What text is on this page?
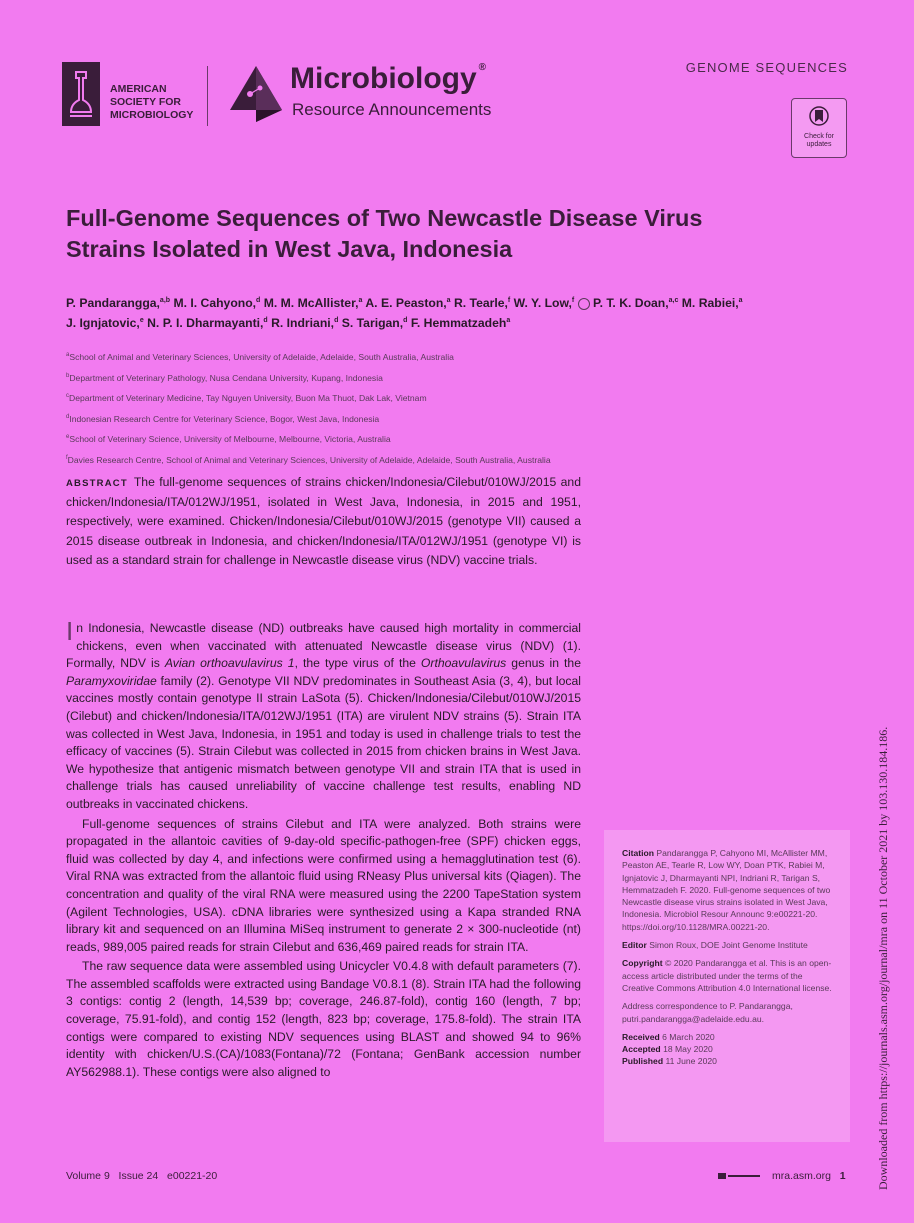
AMERICAN
SOCIETY FOR
MICROBIOLOGY
Microbiology ®
Resource Announcements
GENOME SEQUENCES
Check for updates
Full-Genome Sequences of Two Newcastle Disease Virus
Strains Isolated in West Java, Indonesia
P. Pandarangga,$^{a,b}$ M. I. Cahyono,$^d$ M. M. McAllister,$^a$ A. E. Peaston,$^a$ R. Tearle,$^f$ W. Y. Low,$^f$ P. T. K. Doan,$^{a,c}$ M. Rabiei,$^a$
J. Ignjatovic,$^e$ N. P. I. Dharmayanti,$^d$ R. Indriani,$^d$ S. Tarigan,$^d$ F. Hemmatzadeh$^a$
$^a$School of Animal and Veterinary Sciences, University of Adelaide, Adelaide, South Australia, Australia
$^b$Department of Veterinary Pathology, Nusa Cendana University, Kupang, Indonesia
$^c$Department of Veterinary Medicine, Tay Nguyen University, Buon Ma Thuot, Dak Lak, Vietnam
$^d$Indonesian Research Centre for Veterinary Science, Bogor, West Java, Indonesia
$^e$School of Veterinary Science, University of Melbourne, Melbourne, Victoria, Australia
$^f$Davies Research Centre, School of Animal and Veterinary Sciences, University of Adelaide, Adelaide, South Australia, Australia
ABSTRACT The full-genome sequences of strains chicken/Indonesia/Cilebut/010WJ/2015 and chicken/Indonesia/ITA/012WJ/1951, isolated in West Java, Indonesia, in 2015 and 1951, respectively, were examined. Chicken/Indonesia/Cilebut/010WJ/2015 (genotype VII) caused a 2015 disease outbreak in Indonesia, and chicken/Indonesia/ITA/012WJ/1951 (genotype VI) is used as a standard strain for challenge in Newcastle disease virus (NDV) vaccine trials.

In Indonesia, Newcastle disease (ND) outbreaks have caused high mortality in commercial chickens, even when vaccinated with attenuated Newcastle disease virus (NDV) (1). Formally, NDV is Avian orthoavulavirus 1, the type virus of the Orthoavulavirus genus in the Paramyxoviridae family (2). Genotype VII NDV predominates in Southeast Asia (3, 4), but local vaccines mostly contain genotype II strain LaSota (5). Chicken/Indonesia/Cilebut/010WJ/2015 (Cilebut) and chicken/Indonesia/ITA/012WJ/1951 (ITA) are virulent NDV strains (5). Strain ITA was collected in West Java, Indonesia, in 1951 and today is used in challenge trials to test the efficacy of vaccines (5). Strain Cilebut was collected in 2015 from chicken brains in West Java. We hypothesize that antigenic mismatch between genotype VII and strain ITA that is used in challenge trials has caused unreliability of vaccine challenge test results, enabling ND outbreaks in vaccinated chickens.

Full-genome sequences of strains Cilebut and ITA were analyzed. Both strains were propagated in the allantoic cavities of 9-day-old specific-pathogen-free (SPF) chicken eggs, fluid was collected by day 4, and infections were confirmed using a hemagglutination test (6). Viral RNA was extracted from the allantoic fluid using RNeasy Plus universal kits (Qiagen). The concentration and quality of the viral RNA were measured using the 2200 TapeStation system (Agilent Technologies, USA). cDNA libraries were synthesized using a Kapa stranded RNA library kit and sequenced on an Illumina MiSeq instrument to generate 2 × 300-nucleotide (nt) reads, 989,005 paired reads for strain Cilebut and 636,469 paired reads for strain ITA.

The raw sequence data were assembled using Unicycler V0.4.8 with default parameters (7). The assembled scaffolds were extracted using Bandage V0.8.1 (8). Strain ITA had the following 3 contigs: contig 2 (length, 14,539 bp; coverage, 246.87-fold), contig 160 (length, 7 bp; coverage, 75.91-fold), and contig 152 (length, 823 bp; coverage, 175.8-fold). The strain ITA contigs were compared to existing NDV sequences using BLAST and showed 94 to 96% identity with chicken/U.S.(CA)/1083(Fontana)/72 (Fontana; GenBank accession number AY562988.1). These contigs were also aligned to

Citation Pandarangga P, Cahyono MI, McAllister MM, Peaston AE, Tearle R, Low WY, Doan PTK, Rabiei M, Ignjatovic J, Dharmayanti NPI, Indriani R, Tarigan S, Hemmatzadeh F. 2020. Full-genome sequences of two Newcastle disease virus strains isolated in West Java, Indonesia. Microbiol Resour Announc 9:e00221-20. https://doi.org/10.1128/MRA.00221-20.
Editor Simon Roux, DOE Joint Genome Institute
Copyright © 2020 Pandarangga et al. This is an open-access article distributed under the terms of the Creative Commons Attribution 4.0 International license.
Address correspondence to P. Pandarangga, putri.pandarangga@adelaide.edu.au.
Received 6 March 2020
Accepted 18 May 2020
Published 11 June 2020
Volume 9 Issue 24 e00221-20	mra.asm.org 1	Downloaded from https://journals.asm.org/journal/mra on 11 October 2021 by 103.130.184.186.
